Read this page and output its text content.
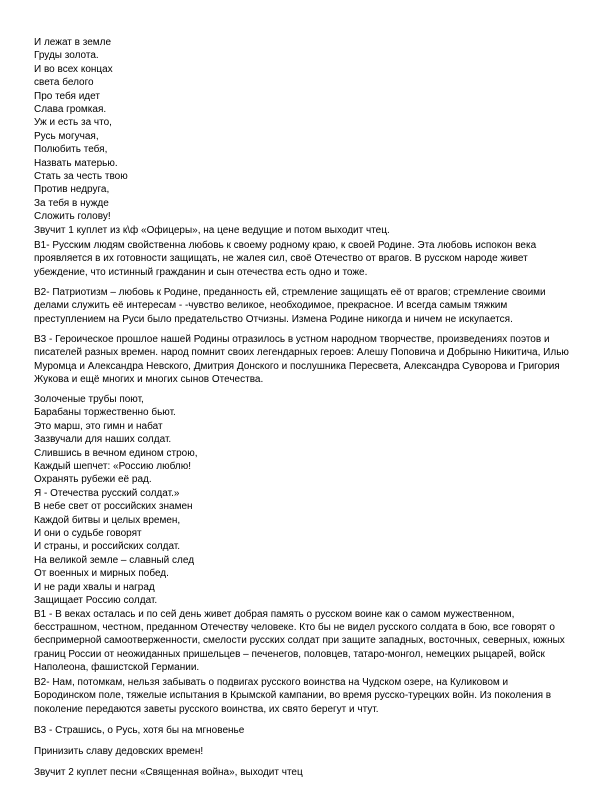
И лежат в земле
Груды золота.
И во всех концах
света белого
Про тебя идет
Слава громкая.
Уж и есть за что,
Русь могучая,
Полюбить тебя,
Назвать матерью.
Стать за честь твою
Против недруга,
За тебя в нужде
Сложить голову!
Звучит 1 куплет из к\ф «Офицеры», на цене ведущие и потом выходит чтец.
В1- Русским людям свойственна любовь к своему родному краю, к своей Родине. Эта любовь испокон века
проявляется в их готовности защищать, не жалея сил, своё Отечество от врагов. В русском народе живет
убеждение, что истинный гражданин и сын отечества есть одно и тоже.
В2- Патриотизм – любовь к Родине, преданность ей, стремление защищать её от врагов; стремление своими
делами служить её интересам - -чувство великое, необходимое, прекрасное. И всегда самым тяжким
преступлением на Руси было предательство Отчизны. Измена Родине никогда и ничем не искупается.
В3 - Героическое прошлое нашей Родины отразилось в устном народном творчестве, произведениях поэтов и
писателей разных времен. народ помнит своих легендарных героев: Алешу Поповича и Добрыню Никитича, Илью
Муромца и Александра Невского, Дмитрия Донского и послушника Пересвета, Александра Суворова и Григория
Жукова и ещё многих и многих сынов Отечества.
Золоченые трубы поют,
Барабаны торжественно бьют.
Это марш, это гимн и набат
Зазвучали для наших солдат.
Слившись в вечном едином строю,
Каждый шепчет: «Россию люблю!
Охранять рубежи её рад.
Я - Отечества русский солдат.»
В небе свет от российских знамен
Каждой битвы и целых времен,
И они о судьбе говорят
И страны, и российских солдат.
На великой земле – славный след
От военных и мирных побед.
И не ради хвалы и наград
Защищает Россию солдат.
В1 - В веках осталась и по сей день живет добрая память о русском воине как о самом мужественном,
бесстрашном, честном, преданном Отечеству человеке. Кто бы не видел русского солдата в бою, все говорят о
беспримерной самоотверженности, смелости русских солдат при защите западных, восточных, северных, южных
границ России от неожиданных пришельцев – печенегов, половцев, татаро-монгол, немецких рыцарей, войск
Наполеона, фашистской Германии.
В2- Нам, потомкам, нельзя забывать о подвигах русского воинства на Чудском озере, на Куликовом и
Бородинском поле, тяжелые испытания в Крымской кампании, во время русско-турецких войн. Из поколения в
поколение передаются заветы русского воинства, их свято берегут и чтут.
В3 - Страшись, о Русь, хотя бы на мгновенье
Принизить славу дедовских времен!
Звучит 2 куплет песни «Священная война», выходит чтец
